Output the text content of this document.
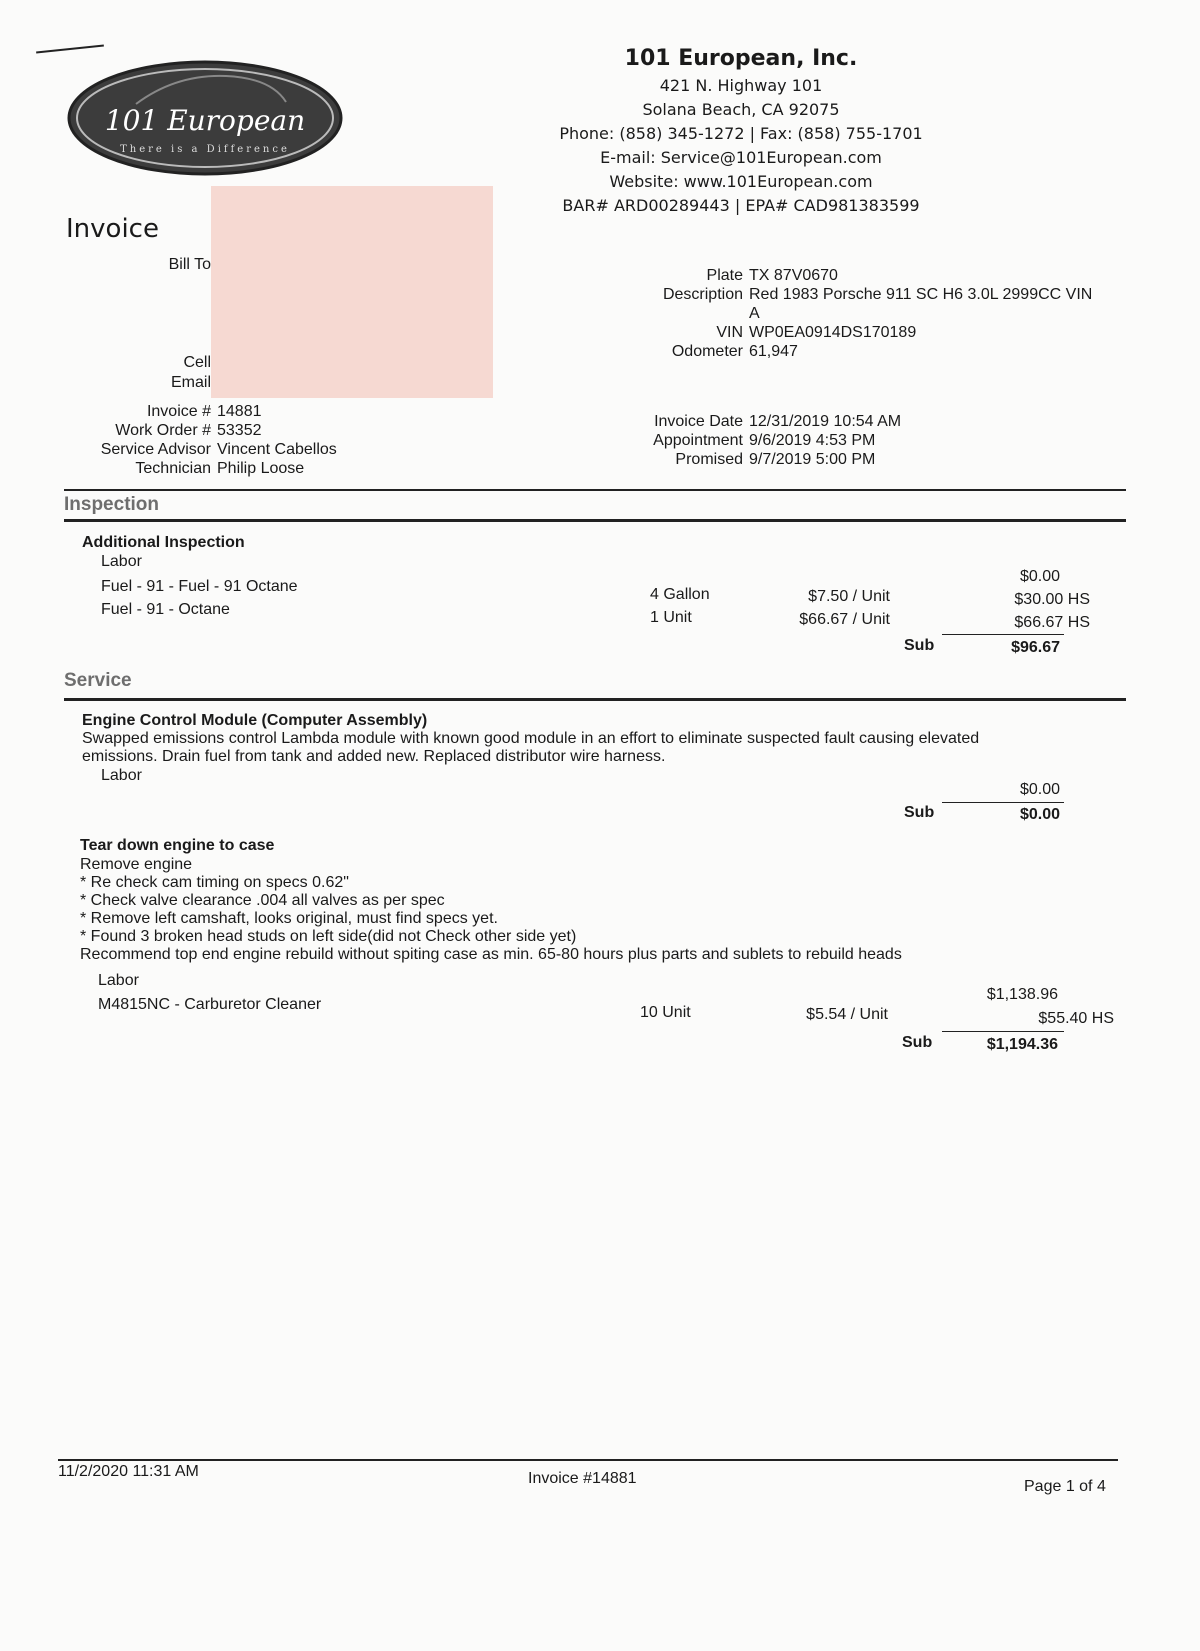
101 European
There is a Difference
101 European, Inc.
421 N. Highway 101
Solana Beach, CA 92075
Phone: (858) 345-1272 | Fax: (858) 755-1701
E-mail: Service@101European.com
Website: www.101European.com
BAR# ARD00289443 | EPA# CAD981383599
Invoice
Bill To
Cell
Email
Invoice # 14881
Work Order # 53352
Service Advisor Vincent Cabellos
Technician Philip Loose
Plate TX 87V0670
Description Red 1983 Porsche 911 SC H6 3.0L 2999CC VIN
A
VIN WP0EA0914DS170189
Odometer 61,947
Invoice Date 12/31/2019 10:54 AM
Appointment 9/6/2019 4:53 PM
Promised 9/7/2019 5:00 PM
Inspection
Additional Inspection
Labor
$0.00
Fuel - 91 - Fuel - 91 Octane	4 Gallon	$7.50 / Unit	$30.00 HS
Fuel - 91 - Octane	1 Unit	$66.67 / Unit	$66.67 HS
Sub	$96.67
Service
Engine Control Module (Computer Assembly)
Swapped emissions control Lambda module with known good module in an effort to eliminate suspected fault causing elevated
emissions. Drain fuel from tank and added new. Replaced distributor wire harness.
Labor
$0.00
Sub	$0.00
Tear down engine to case
Remove engine
* Re check cam timing on specs 0.62"
* Check valve clearance .004 all valves as per spec
* Remove left camshaft, looks original, must find specs yet.
* Found 3 broken head studs on left side(did not Check other side yet)
Recommend top end engine rebuild without spiting case as min. 65-80 hours plus parts and sublets to rebuild heads
Labor
$1,138.96
M4815NC - Carburetor Cleaner	10 Unit	$5.54 / Unit	$55.40 HS
Sub	$1,194.36
11/2/2020 11:31 AM	Invoice #14881	Page 1 of 4
